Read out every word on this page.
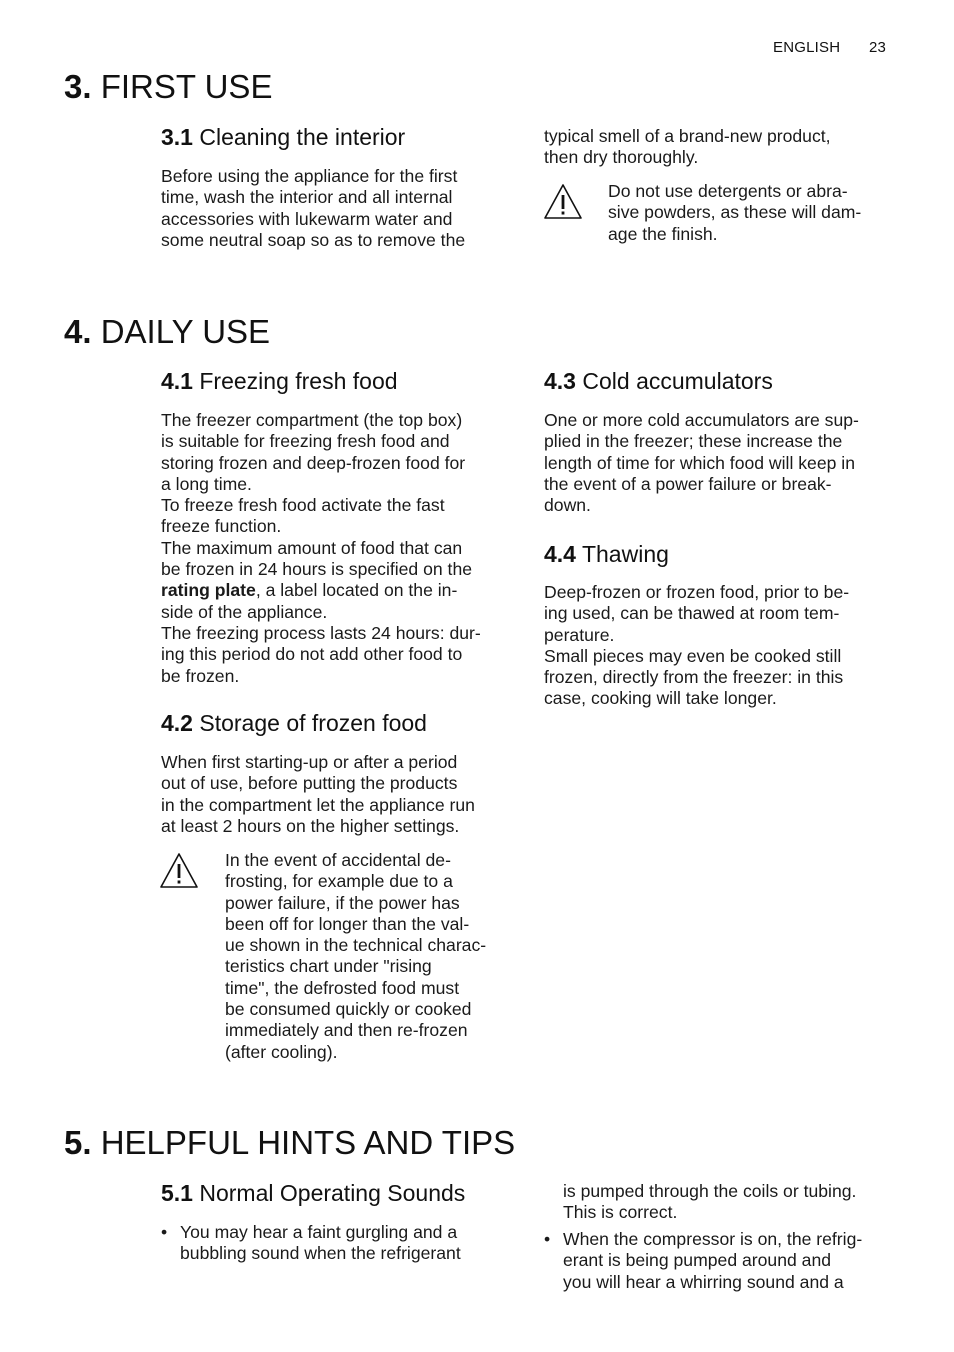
ENGLISH 23
3. FIRST USE
3.1 Cleaning the interior
Before using the appliance for the first
time, wash the interior and all internal
accessories with lukewarm water and
some neutral soap so as to remove the
typical smell of a brand-new product,
then dry thoroughly.
Do not use detergents or abra-
sive powders, as these will dam-
age the finish.
4. DAILY USE
4.1 Freezing fresh food
The freezer compartment (the top box)
is suitable for freezing fresh food and
storing frozen and deep-frozen food for
a long time.
To freeze fresh food activate the fast
freeze function.
The maximum amount of food that can
be frozen in 24 hours is specified on the
rating plate, a label located on the in-
side of the appliance.
The freezing process lasts 24 hours: dur-
ing this period do not add other food to
be frozen.
4.2 Storage of frozen food
When first starting-up or after a period
out of use, before putting the products
in the compartment let the appliance run
at least 2 hours on the higher settings.
In the event of accidental de-
frosting, for example due to a
power failure, if the power has
been off for longer than the val-
ue shown in the technical charac-
teristics chart under "rising
time", the defrosted food must
be consumed quickly or cooked
immediately and then re-frozen
(after cooling).
4.3 Cold accumulators
One or more cold accumulators are sup-
plied in the freezer; these increase the
length of time for which food will keep in
the event of a power failure or break-
down.
4.4 Thawing
Deep-frozen or frozen food, prior to be-
ing used, can be thawed at room tem-
perature.
Small pieces may even be cooked still
frozen, directly from the freezer: in this
case, cooking will take longer.
5. HELPFUL HINTS AND TIPS
5.1 Normal Operating Sounds
• You may hear a faint gurgling and a
bubbling sound when the refrigerant
is pumped through the coils or tubing.
This is correct.
• When the compressor is on, the refrig-
erant is being pumped around and
you will hear a whirring sound and a
